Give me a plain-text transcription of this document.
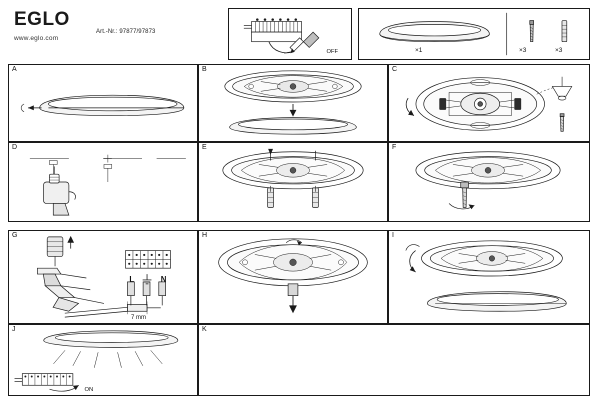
EGLO
www.eglo.com
Art.-Nr.: 97877/97873
OFF	×1	×3	×3
A	B	C
D	E	F
G
L	N
7 mm
H	I
J
ON
K
